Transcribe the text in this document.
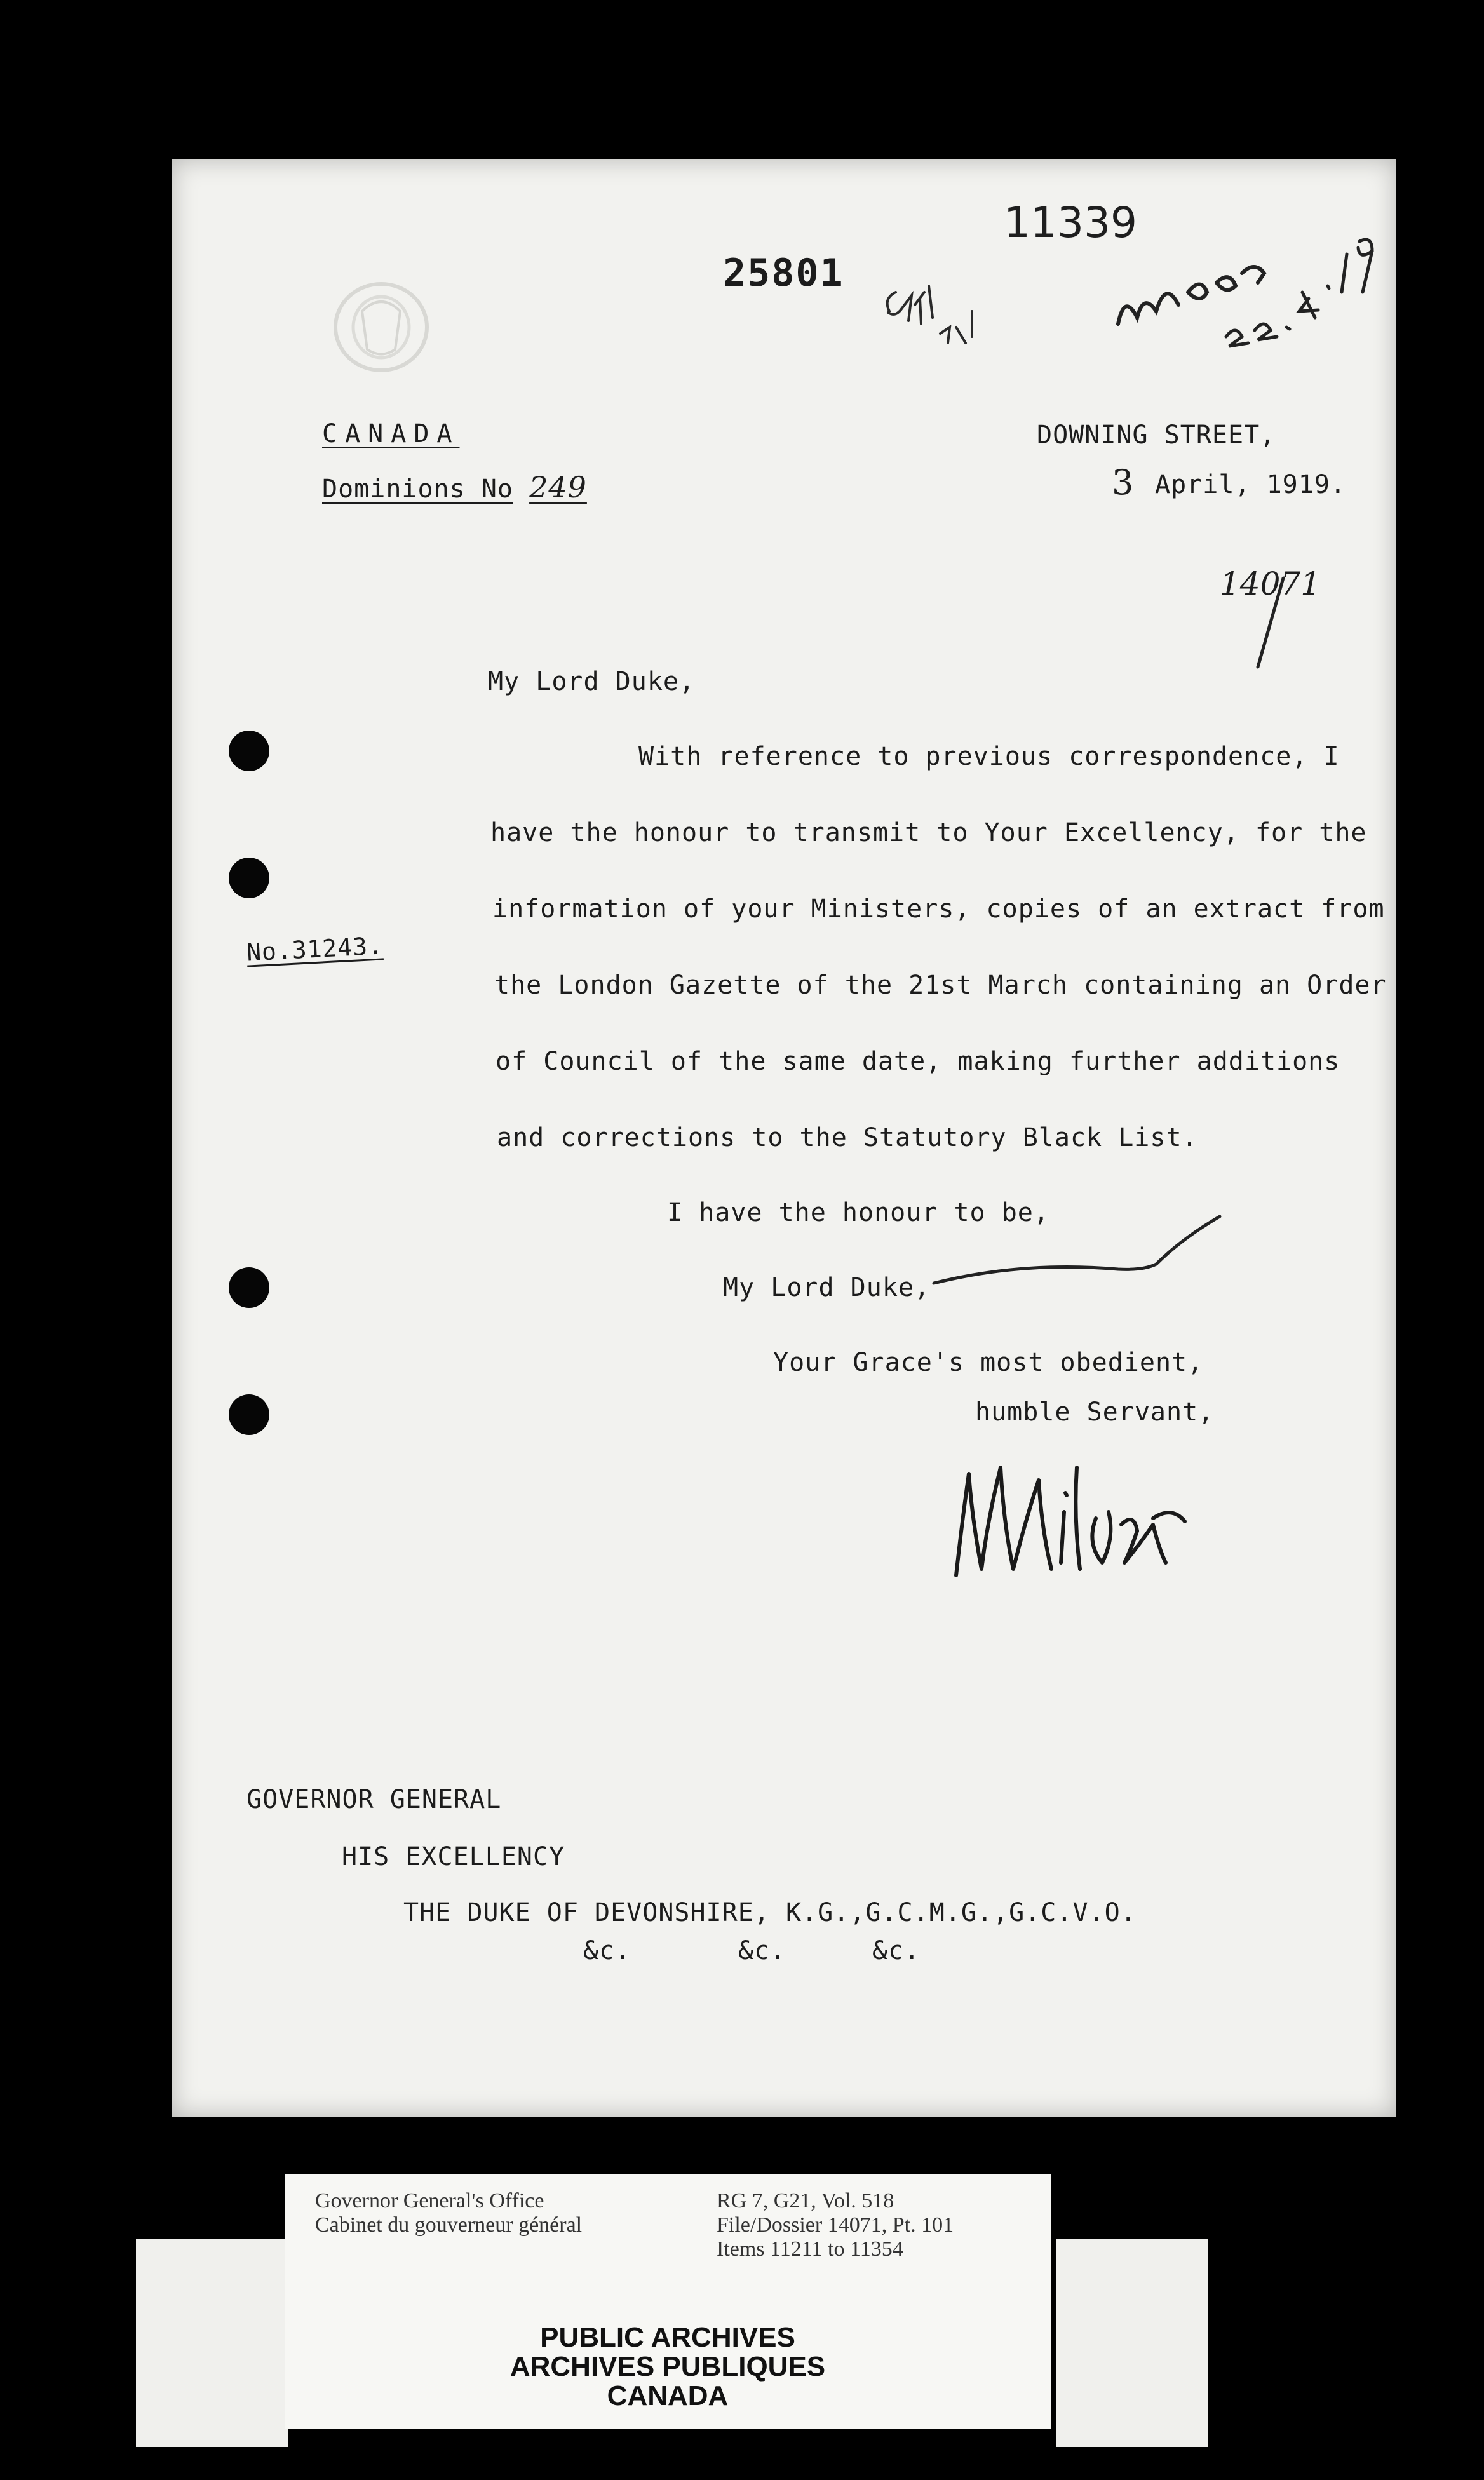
25801
11339
CANADA
Dominions No 249
DOWNING STREET,
3 April, 1919.
14071
No.31243.
My Lord Duke,
With reference to previous correspondence, I
have the honour to transmit to Your Excellency, for the
information of your Ministers, copies of an extract from
the London Gazette of the 21st March containing an Order
of Council of the same date, making further additions
and corrections to the Statutory Black List.
I have the honour to be,
My Lord Duke,
Your Grace's most obedient,
humble Servant,
GOVERNOR GENERAL
HIS EXCELLENCY
THE DUKE OF DEVONSHIRE, K.G.,G.C.M.G.,G.C.V.O.
&c.	&c.	&c.
Governor General's Office
Cabinet du gouverneur général
RG 7, G21, Vol. 518
File/Dossier 14071, Pt. 101
Items 11211 to 11354
PUBLIC ARCHIVES
ARCHIVES PUBLIQUES
CANADA
